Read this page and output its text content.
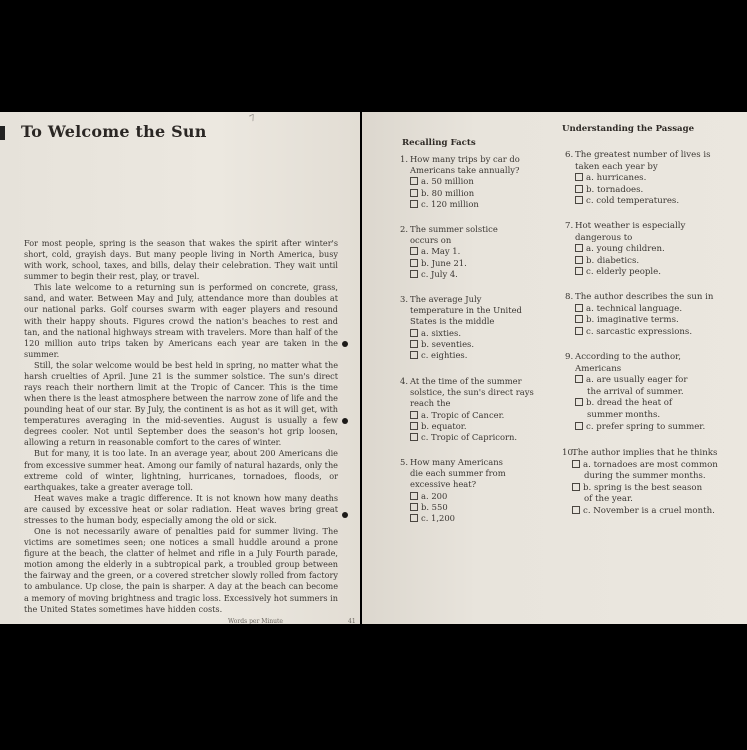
To Welcome the Sun
7

For most people, spring is the season that wakes the spirit after winter's short, cold, grayish days. But many people living in North America, busy with work, school, taxes, and bills, delay their celebration. They wait until summer to begin their rest, play, or travel.

This late welcome to a returning sun is performed on concrete, grass, sand, and water. Between May and July, attendance more than doubles at our national parks. Golf courses swarm with eager players and resound with their happy shouts. Figures crowd the nation's beaches to rest and tan, and the national highways stream with travelers. More than half of the 120 million auto trips taken by Americans each year are taken in the summer.

Still, the solar welcome would be best held in spring, no matter what the harsh cruelties of April. June 21 is the summer solstice. The sun's direct rays reach their northern limit at the Tropic of Cancer. This is the time when there is the least atmosphere between the narrow zone of life and the pounding heat of our star. By July, the continent is as hot as it will get, with temperatures averaging in the mid-seventies. August is usually a few degrees cooler. Not until September does the season's hot grip loosen, allowing a return in reasonable comfort to the cares of winter.

But for many, it is too late. In an average year, about 200 Americans die from excessive summer heat. Among our family of natural hazards, only the extreme cold of winter, lightning, hurricanes, tornadoes, floods, or earthquakes, take a greater average toll.

Heat waves make a tragic difference. It is not known how many deaths are caused by excessive heat or solar radiation. Heat waves bring great stresses to the human body, especially among the old or sick.

One is not necessarily aware of penalties paid for summer living. The victims are sometimes seen; one notices a small huddle around a prone figure at the beach, the clatter of helmet and rifle in a July Fourth parade, motion among the elderly in a subtropical park, a troubled group between the fairway and the green, or a covered stretcher slowly rolled from factory to ambulance. Up close, the pain is sharper. A day at the beach can become a memory of moving brightness and tragic loss. Excessively hot summers in the United States sometimes have hidden costs.

Words per Minute	41
Recalling Facts
Understanding the Passage
1. How many trips by car do
Americans take annually?
a. 50 million
b. 80 million
c. 120 million
2. The summer solstice
occurs on
a. May 1.
b. June 21.
c. July 4.
3. The average July
temperature in the United
States is the middle
a. sixties.
b. seventies.
c. eighties.
4. At the time of the summer
solstice, the sun's direct rays
reach the
a. Tropic of Cancer.
b. equator.
c. Tropic of Capricorn.
5. How many Americans
die each summer from
excessive heat?
a. 200
b. 550
c. 1,200
6. The greatest number of lives is
taken each year by
a. hurricanes.
b. tornadoes.
c. cold temperatures.
7. Hot weather is especially
dangerous to
a. young children.
b. diabetics.
c. elderly people.
8. The author describes the sun in
a. technical language.
b. imaginative terms.
c. sarcastic expressions.
9. According to the author,
Americans
a. are usually eager for
the arrival of summer.
b. dread the heat of
summer months.
c. prefer spring to summer.
10.The author implies that he thinks
a. tornadoes are most common
during the summer months.
b. spring is the best season
of the year.
c. November is a cruel month.
